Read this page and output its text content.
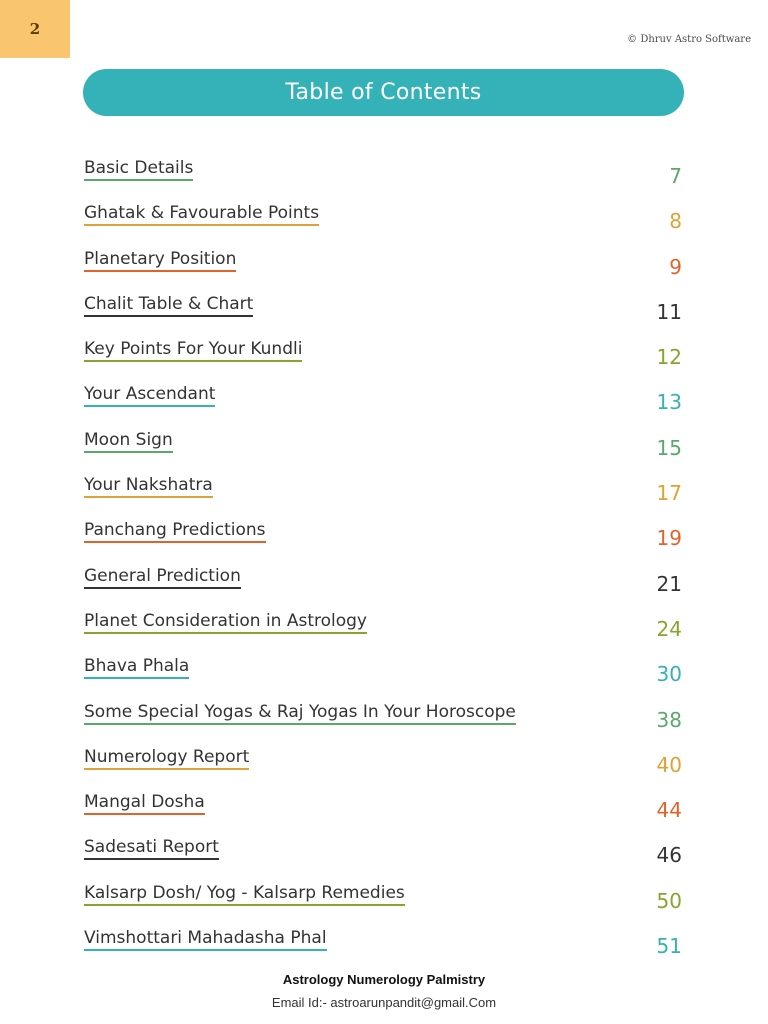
2
© Dhruv Astro Software
Table of Contents
Basic Details	7
Ghatak & Favourable Points	8
Planetary Position	9
Chalit Table & Chart	11
Key Points For Your Kundli	12
Your Ascendant	13
Moon Sign	15
Your Nakshatra	17
Panchang Predictions	19
General Prediction	21
Planet Consideration in Astrology	24
Bhava Phala	30
Some Special Yogas & Raj Yogas In Your Horoscope	38
Numerology Report	40
Mangal Dosha	44
Sadesati Report	46
Kalsarp Dosh/ Yog - Kalsarp Remedies	50
Vimshottari Mahadasha Phal	51
Astrology Numerology Palmistry
Email Id:- astroarunpandit@gmail.Com
